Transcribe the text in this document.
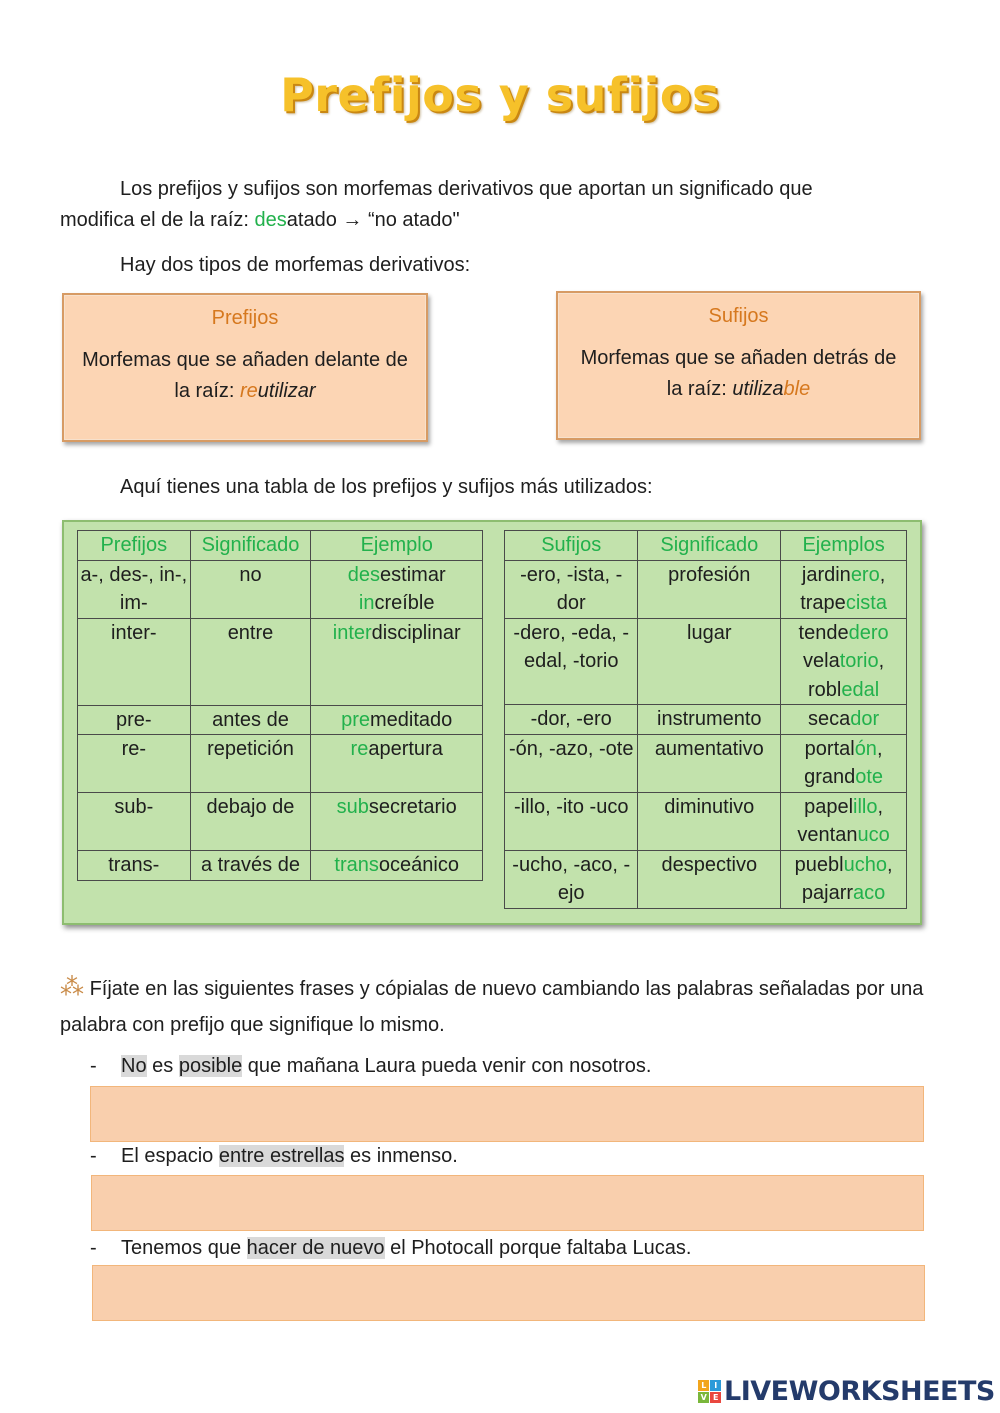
Prefijos y sufijos
Los prefijos y sufijos son morfemas derivativos que aportan un significado que
modifica el de la raíz: desatado → “no atado"
Hay dos tipos de morfemas derivativos:
Prefijos
Morfemas que se añaden delante de la raíz: reutilizar
Sufijos
Morfemas que se añaden detrás de la raíz: utilizable
Aquí tienes una tabla de los prefijos y sufijos más utilizados:
Prefijos	Significado	Ejemplo
a-, des-, in-, im-	no	desestimar
increíble
inter-	entre	interdisciplinar
pre-	antes de	premeditado
re-	repetición	reapertura
sub-	debajo de	subsecretario
trans-	a través de	transoceánico
Sufijos	Significado	Ejemplos
-ero, -ista, -dor	profesión	jardinero,
trapecista
-dero, -eda, -edal, -torio	lugar	tendedero
velatorio,
robledal
-dor, -ero	instrumento	secador
-ón, -azo, -ote	aumentativo	portalón,
grandote
-illo, -ito -uco	diminutivo	papelillo,
ventanuco
-ucho, -aco, -ejo	despectivo	pueblucho,
pajarraco
⁂ Fíjate en las siguientes frases y cópialas de nuevo cambiando las palabras señaladas por una palabra con prefijo que signifique lo mismo.
- No es posible que mañana Laura pueda venir con nosotros.
- El espacio entre estrellas es inmenso.
- Tenemos que hacer de nuevo el Photocall porque faltaba Lucas.
L	I
V E LIVEWORKSHEETS
